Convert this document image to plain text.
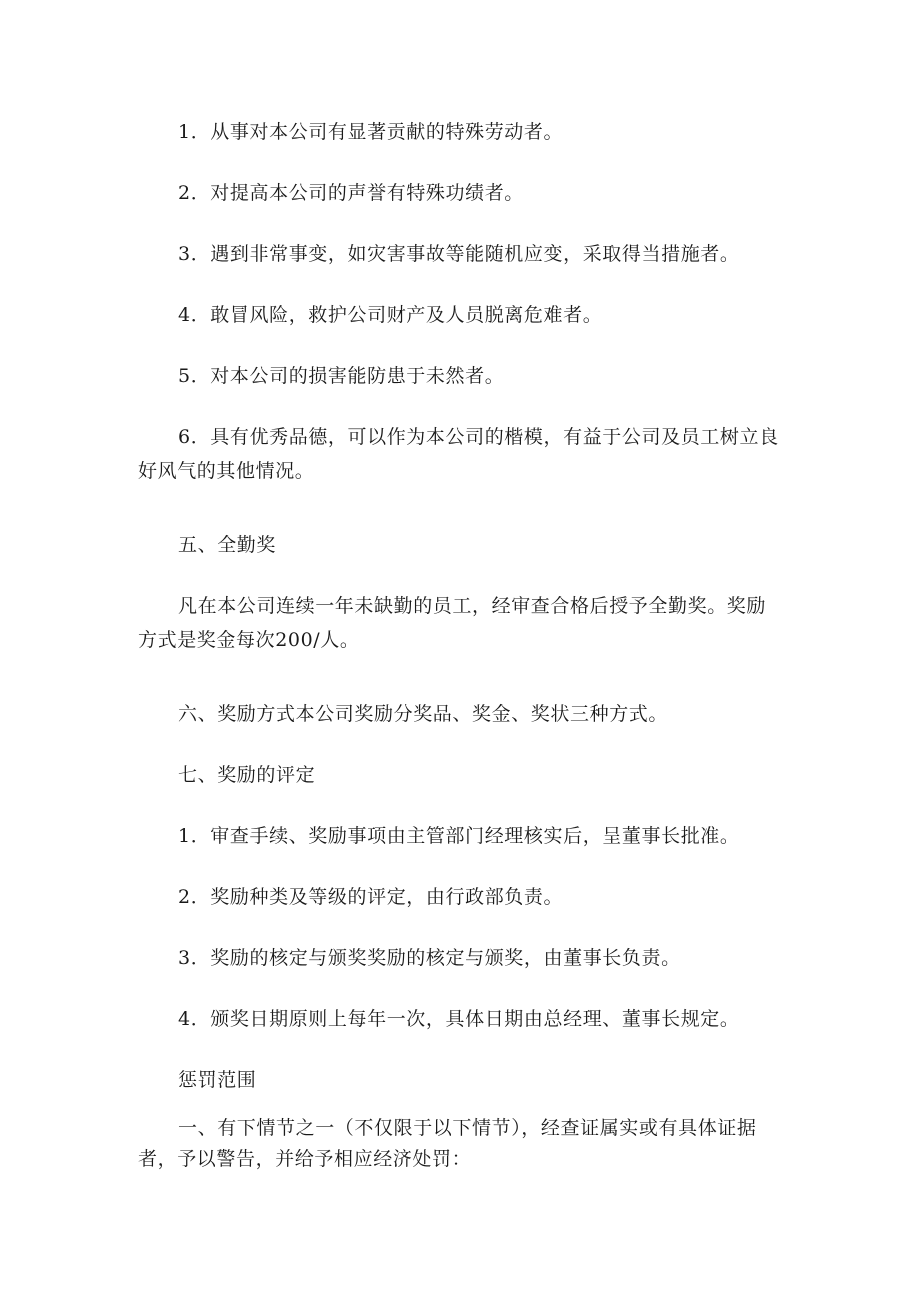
1．从事对本公司有显著贡献的特殊劳动者。

2．对提高本公司的声誉有特殊功绩者。

3．遇到非常事变，如灾害事故等能随机应变，采取得当措施者。

4．敢冒风险，救护公司财产及人员脱离危难者。

5．对本公司的损害能防患于未然者。

6．具有优秀品德，可以作为本公司的楷模，有益于公司及员工树立良好风气的其他情况。

五、全勤奖

凡在本公司连续一年未缺勤的员工，经审查合格后授予全勤奖。奖励方式是奖金每次200/人。

六、奖励方式本公司奖励分奖品、奖金、奖状三种方式。

七、奖励的评定

1．审查手续、奖励事项由主管部门经理核实后，呈董事长批准。

2．奖励种类及等级的评定，由行政部负责。

3．奖励的核定与颁奖奖励的核定与颁奖，由董事长负责。

4．颁奖日期原则上每年一次，具体日期由总经理、董事长规定。

惩罚范围

一、有下情节之一（不仅限于以下情节），经查证属实或有具体证据者，予以警告，并给予相应经济处罚：
